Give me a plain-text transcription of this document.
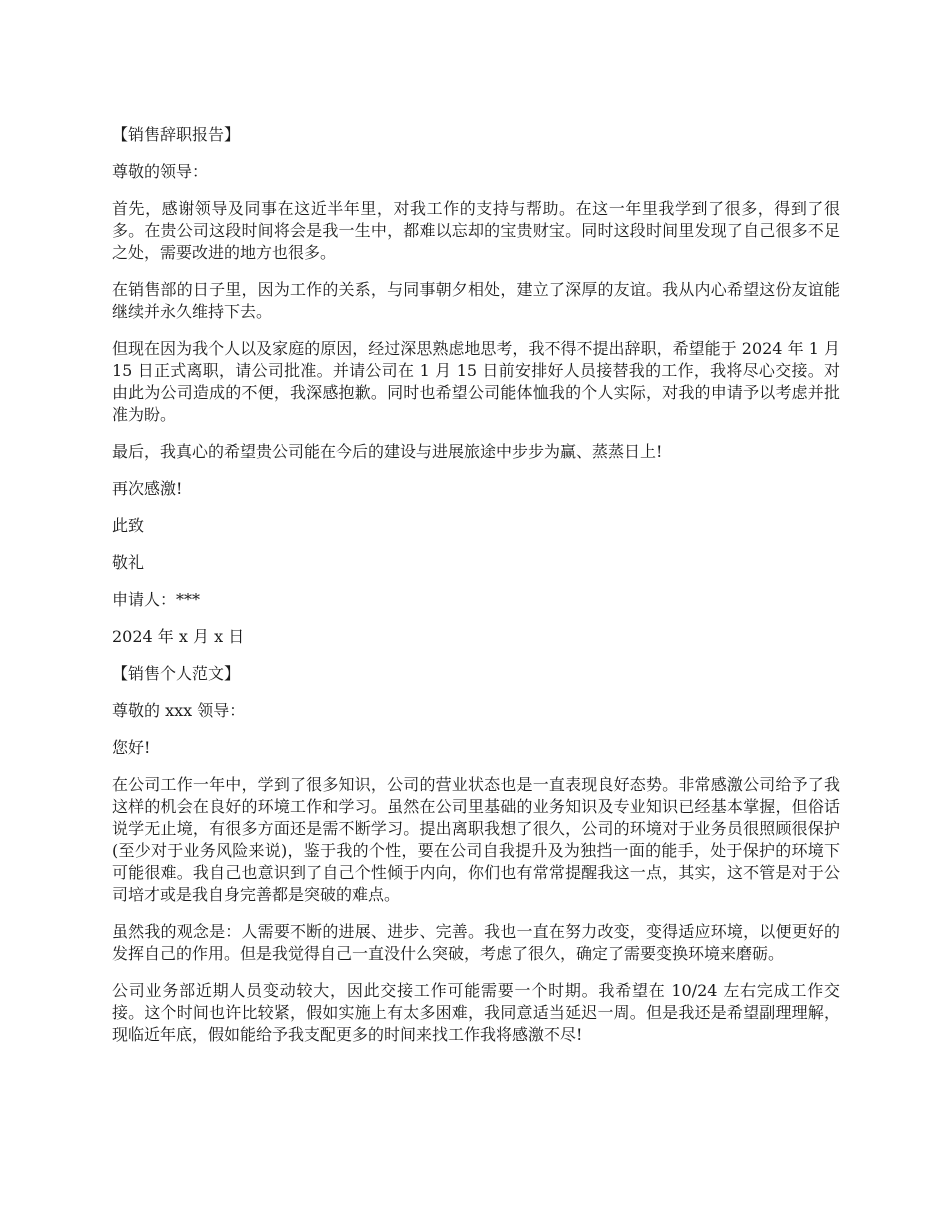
【销售辞职报告】

尊敬的领导：

首先，感谢领导及同事在这近半年里，对我工作的支持与帮助。在这一年里我学到了很多，得到了很多。在贵公司这段时间将会是我一生中，都难以忘却的宝贵财宝。同时这段时间里发现了自己很多不足之处，需要改进的地方也很多。

在销售部的日子里，因为工作的关系，与同事朝夕相处，建立了深厚的友谊。我从内心希望这份友谊能继续并永久维持下去。

但现在因为我个人以及家庭的原因，经过深思熟虑地思考，我不得不提出辞职，希望能于 2024 年 1 月 15 日正式离职，请公司批准。并请公司在 1 月 15 日前安排好人员接替我的工作，我将尽心交接。对由此为公司造成的不便，我深感抱歉。同时也希望公司能体恤我的个人实际，对我的申请予以考虑并批准为盼。

最后，我真心的希望贵公司能在今后的建设与进展旅途中步步为赢、蒸蒸日上!

再次感激!

此致

敬礼

申请人：***

2024 年 x 月 x 日

【销售个人范文】

尊敬的 xxx 领导：

您好!

在公司工作一年中，学到了很多知识，公司的营业状态也是一直表现良好态势。非常感激公司给予了我这样的机会在良好的环境工作和学习。虽然在公司里基础的业务知识及专业知识已经基本掌握，但俗话说学无止境，有很多方面还是需不断学习。提出离职我想了很久，公司的环境对于业务员很照顾很保护(至少对于业务风险来说)，鉴于我的个性，要在公司自我提升及为独挡一面的能手，处于保护的环境下可能很难。我自己也意识到了自己个性倾于内向，你们也有常常提醒我这一点，其实，这不管是对于公司培才或是我自身完善都是突破的难点。

虽然我的观念是：人需要不断的进展、进步、完善。我也一直在努力改变，变得适应环境，以便更好的发挥自己的作用。但是我觉得自己一直没什么突破，考虑了很久，确定了需要变换环境来磨砺。

公司业务部近期人员变动较大，因此交接工作可能需要一个时期。我希望在 10/24 左右完成工作交接。这个时间也许比较紧，假如实施上有太多困难，我同意适当延迟一周。但是我还是希望副理理解，现临近年底，假如能给予我支配更多的时间来找工作我将感激不尽!
